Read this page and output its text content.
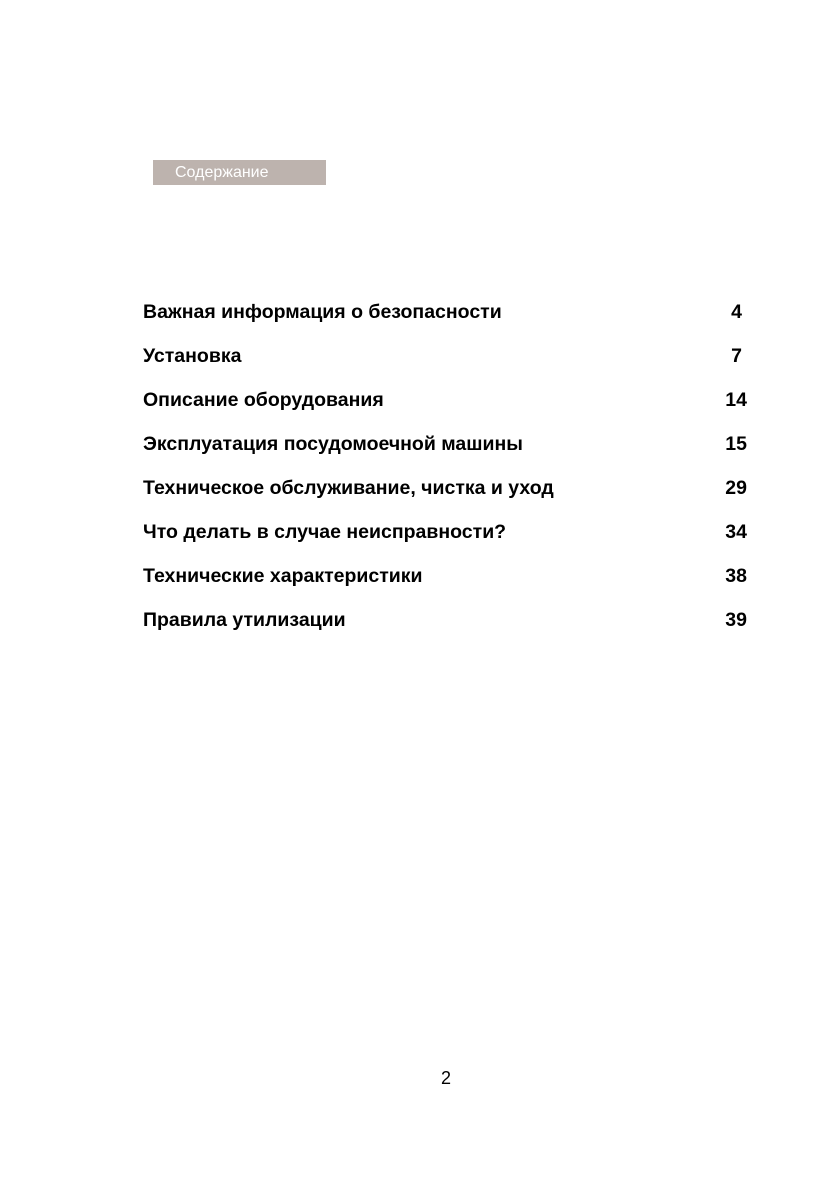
Содержание
Важная информация о безопасности	4
Установка	7
Описание оборудования	14
Эксплуатация посудомоечной машины	15
Техническое обслуживание, чистка и уход	29
Что делать в случае неисправности?	34
Технические характеристики	38
Правила утилизации	39
2
